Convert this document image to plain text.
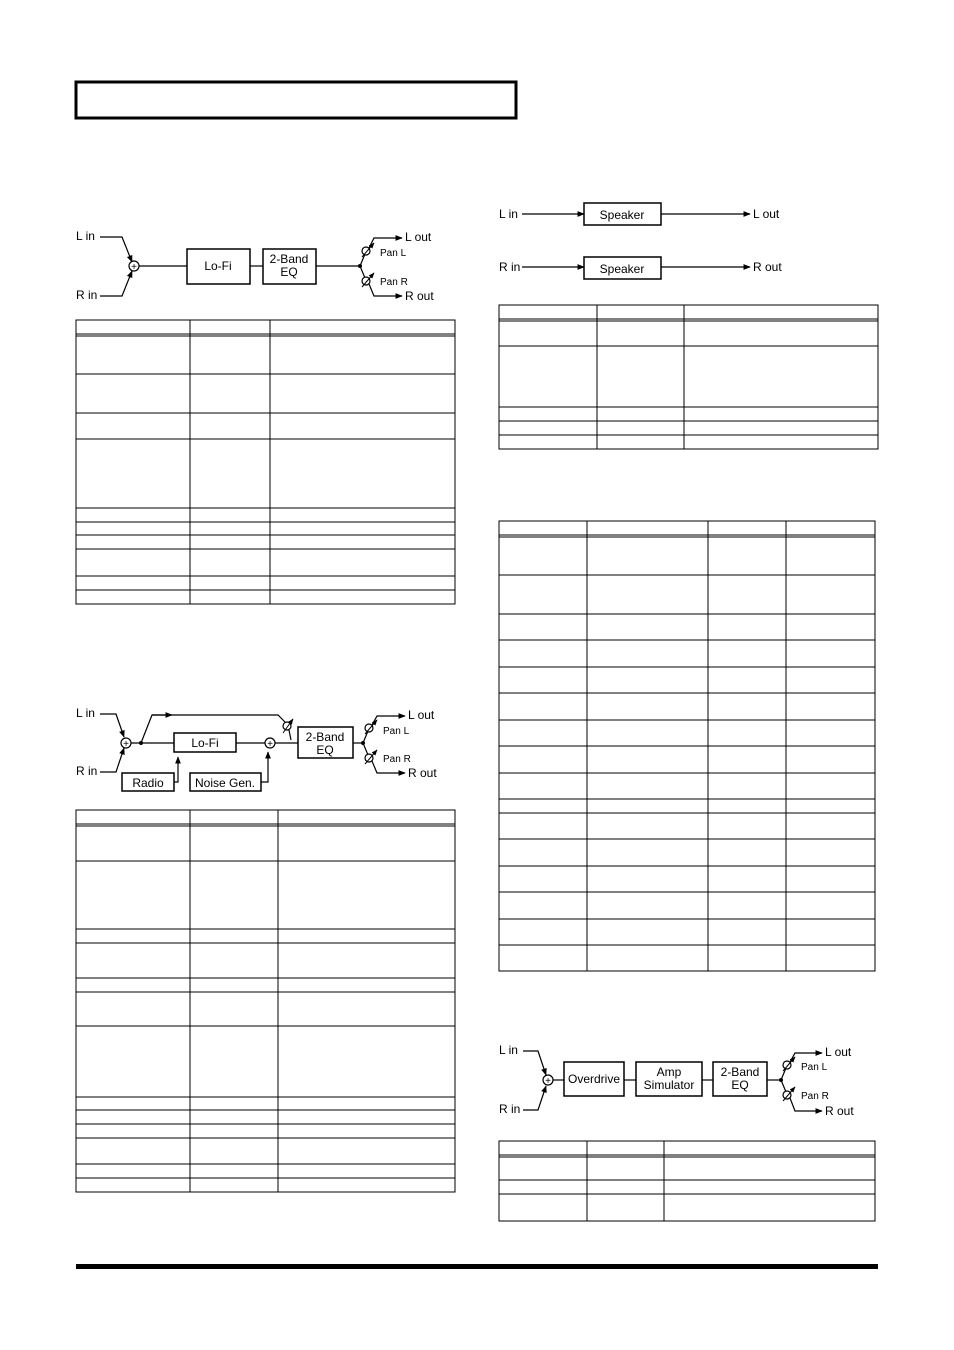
L in
R in
+	Lo-Fi	2-Band
EQ
L out
R out
Pan L
Pan R
L in
R in
+	Lo-Fi	+
Radio	Noise Gen.
2-Band
EQ
L out
R out
Pan L
Pan R
L in
R in
Speaker
Speaker
L out
R out
L in
R in
+ Overdrive	Amp
Simulator
2-Band
EQ
L out
R out
Pan L
Pan R
